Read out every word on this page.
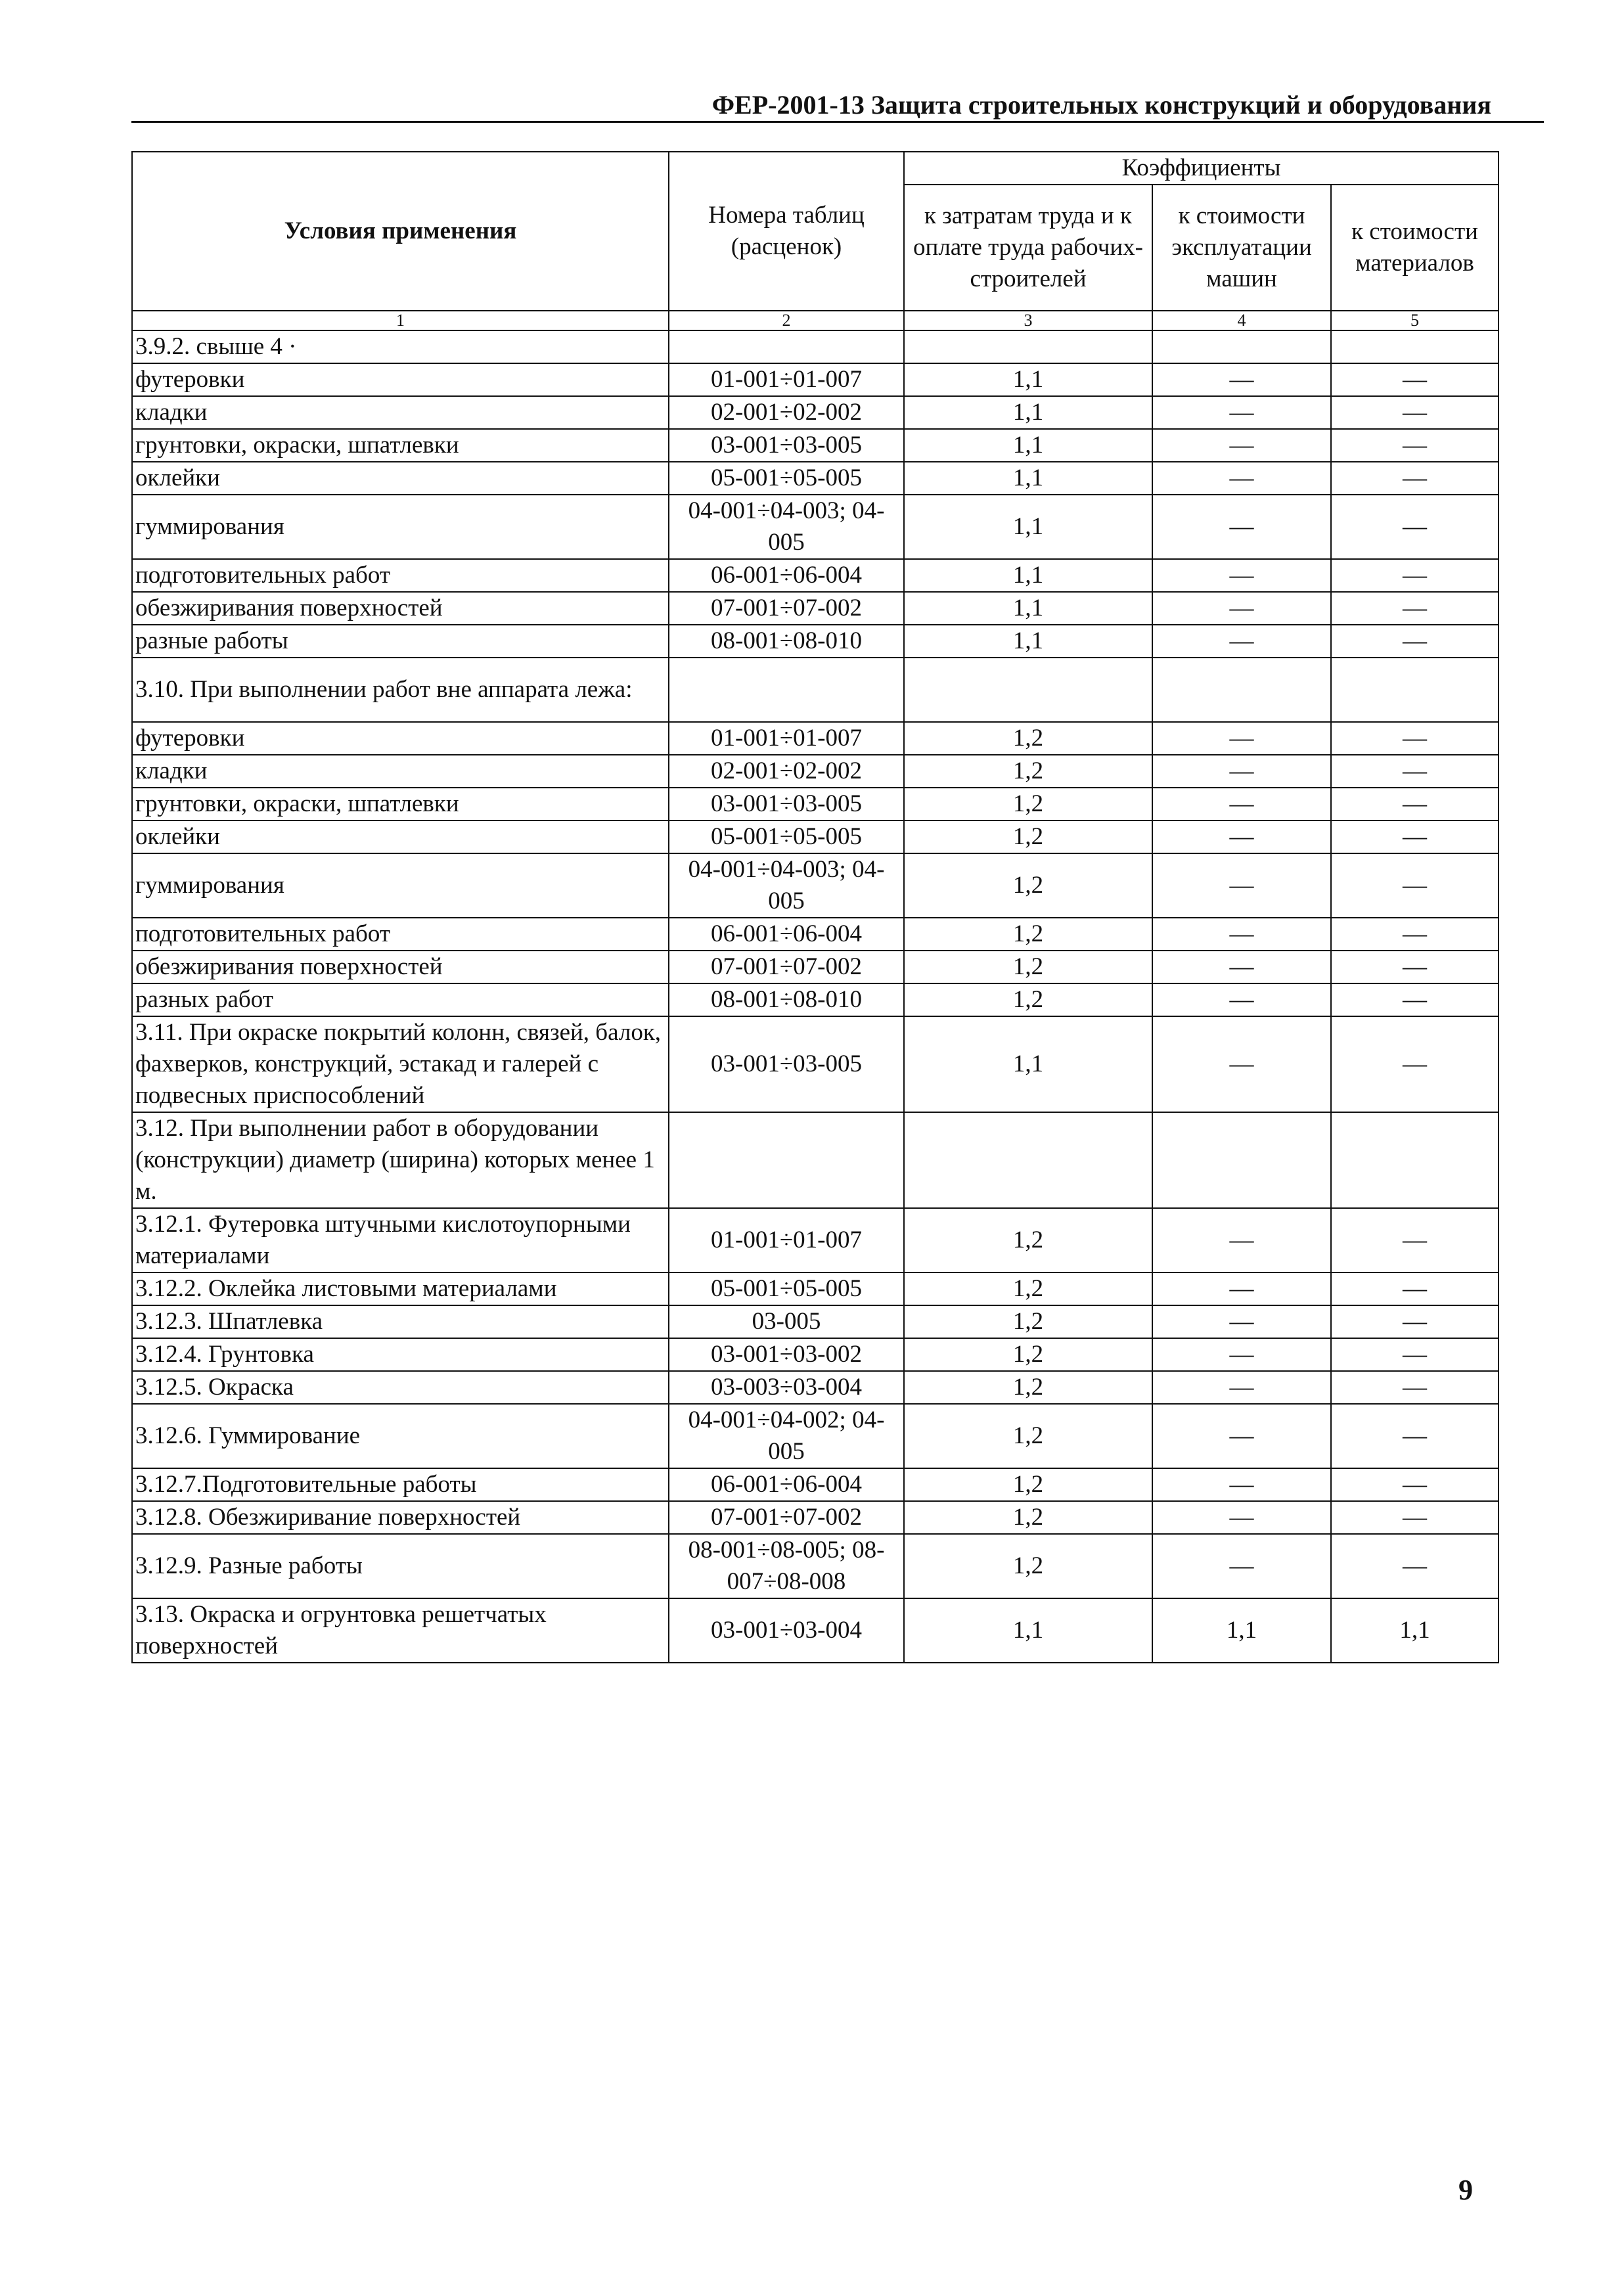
ФЕР-2001-13 Защита строительных конструкций и оборудования
Условия применения	Номера таблиц (расценок)	Коэффициенты		
		к затратам труда и к оплате труда рабочих-строителей	к стоимости эксплуатации машин	к стоимости материалов
1	2	3	4	5
3.9.2. свыше 4 ·				
футеровки	01-001÷01-007	1,1	—	—
кладки	02-001÷02-002	1,1	—	—
грунтовки, окраски, шпатлевки	03-001÷03-005	1,1	—	—
оклейки	05-001÷05-005	1,1	—	—
гуммирования	04-001÷04-003; 04-005	1,1	—	—
подготовительных работ	06-001÷06-004	1,1	—	—
обезжиривания поверхностей	07-001÷07-002	1,1	—	—
разные работы	08-001÷08-010	1,1	—	—
3.10. При выполнении работ вне аппарата лежа:				
футеровки	01-001÷01-007	1,2	—	—
кладки	02-001÷02-002	1,2	—	—
грунтовки, окраски, шпатлевки	03-001÷03-005	1,2	—	—
оклейки	05-001÷05-005	1,2	—	—
гуммирования	04-001÷04-003; 04-005	1,2	—	—
подготовительных работ	06-001÷06-004	1,2	—	—
обезжиривания поверхностей	07-001÷07-002	1,2	—	—
разных работ	08-001÷08-010	1,2	—	—
3.11. При окраске покрытий колонн, связей, балок, фахверков, конструкций, эстакад и галерей с подвесных приспособлений	03-001÷03-005	1,1	—	—
3.12. При выполнении работ в оборудовании (конструкции) диаметр (ширина) которых менее 1 м.				
3.12.1. Футеровка штучными кислотоупорными материалами	01-001÷01-007	1,2	—	—
3.12.2. Оклейка листовыми материалами	05-001÷05-005	1,2	—	—
3.12.3. Шпатлевка	03-005	1,2	—	—
3.12.4. Грунтовка	03-001÷03-002	1,2	—	—
3.12.5. Окраска	03-003÷03-004	1,2	—	—
3.12.6. Гуммирование	04-001÷04-002; 04-005	1,2	—	—
3.12.7.Подготовительные работы	06-001÷06-004	1,2	—	—
3.12.8. Обезжиривание поверхностей	07-001÷07-002	1,2	—	—
3.12.9. Разные работы	08-001÷08-005; 08-007÷08-008	1,2	—	—
3.13. Окраска и огрунтовка решетчатых поверхностей	03-001÷03-004	1,1	1,1	1,1
9
